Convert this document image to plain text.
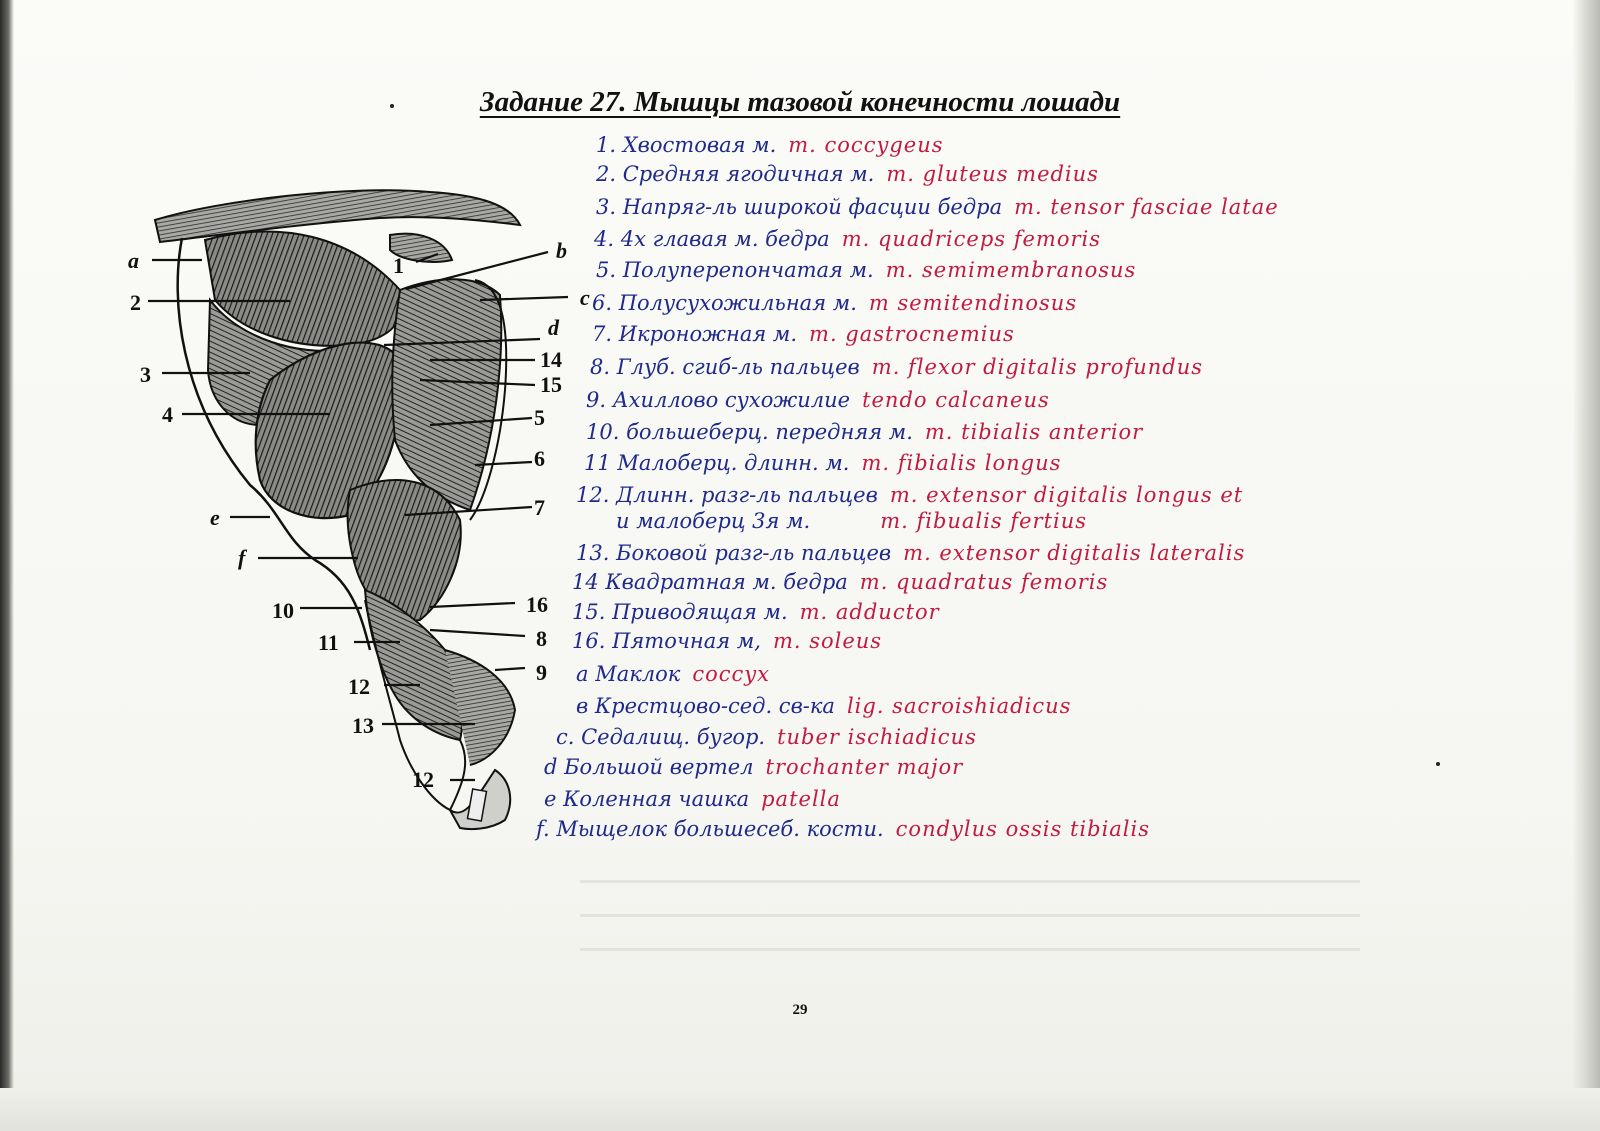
Задание 27. Мышцы тазовой конечности лошади
a
2
3
4
e
f
10
11
12
13
12
1
b
c
d
14
15
5
6
7
16
8
9
1. Хвостовая м. m. coccygeus
2. Средняя ягодичная м. m. gluteus medius
3. Напряг-ль широкой фасции бедра m. tensor fasciae latae
4. 4х главая м. бедра m. quadriceps femoris
5. Полуперепончатая м. m. semimembranosus
6. Полусухожильная м. m semitendinosus
7. Икроножная м. m. gastrocnemius
8. Глуб. сгиб-ль пальцев m. flexor digitalis profundus
9. Ахиллово сухожилие tendo calcaneus
10. большеберц. передняя м. m. tibialis anterior
11 Малоберц. длинн. м. m. fibialis longus
12. Длинн. разг-ль пальцев m. extensor digitalis longus et
и малоберц 3я м.	m. fibualis fertius
13. Боковой разг-ль пальцев m. extensor digitalis lateralis
14 Квадратная м. бедра m. quadratus femoris
15. Приводящая м. m. adductor
16. Пяточная м, m. soleus
a Маклок coccyx
в Крестцово-сед. св-ка lig. sacroishiadicus
c. Седалищ. бугор. tuber ischiadicus
d Большой вертел trochanter major
e Коленная чашка patella
f. Мыщелок большесеб. кости. condylus ossis tibialis
29
